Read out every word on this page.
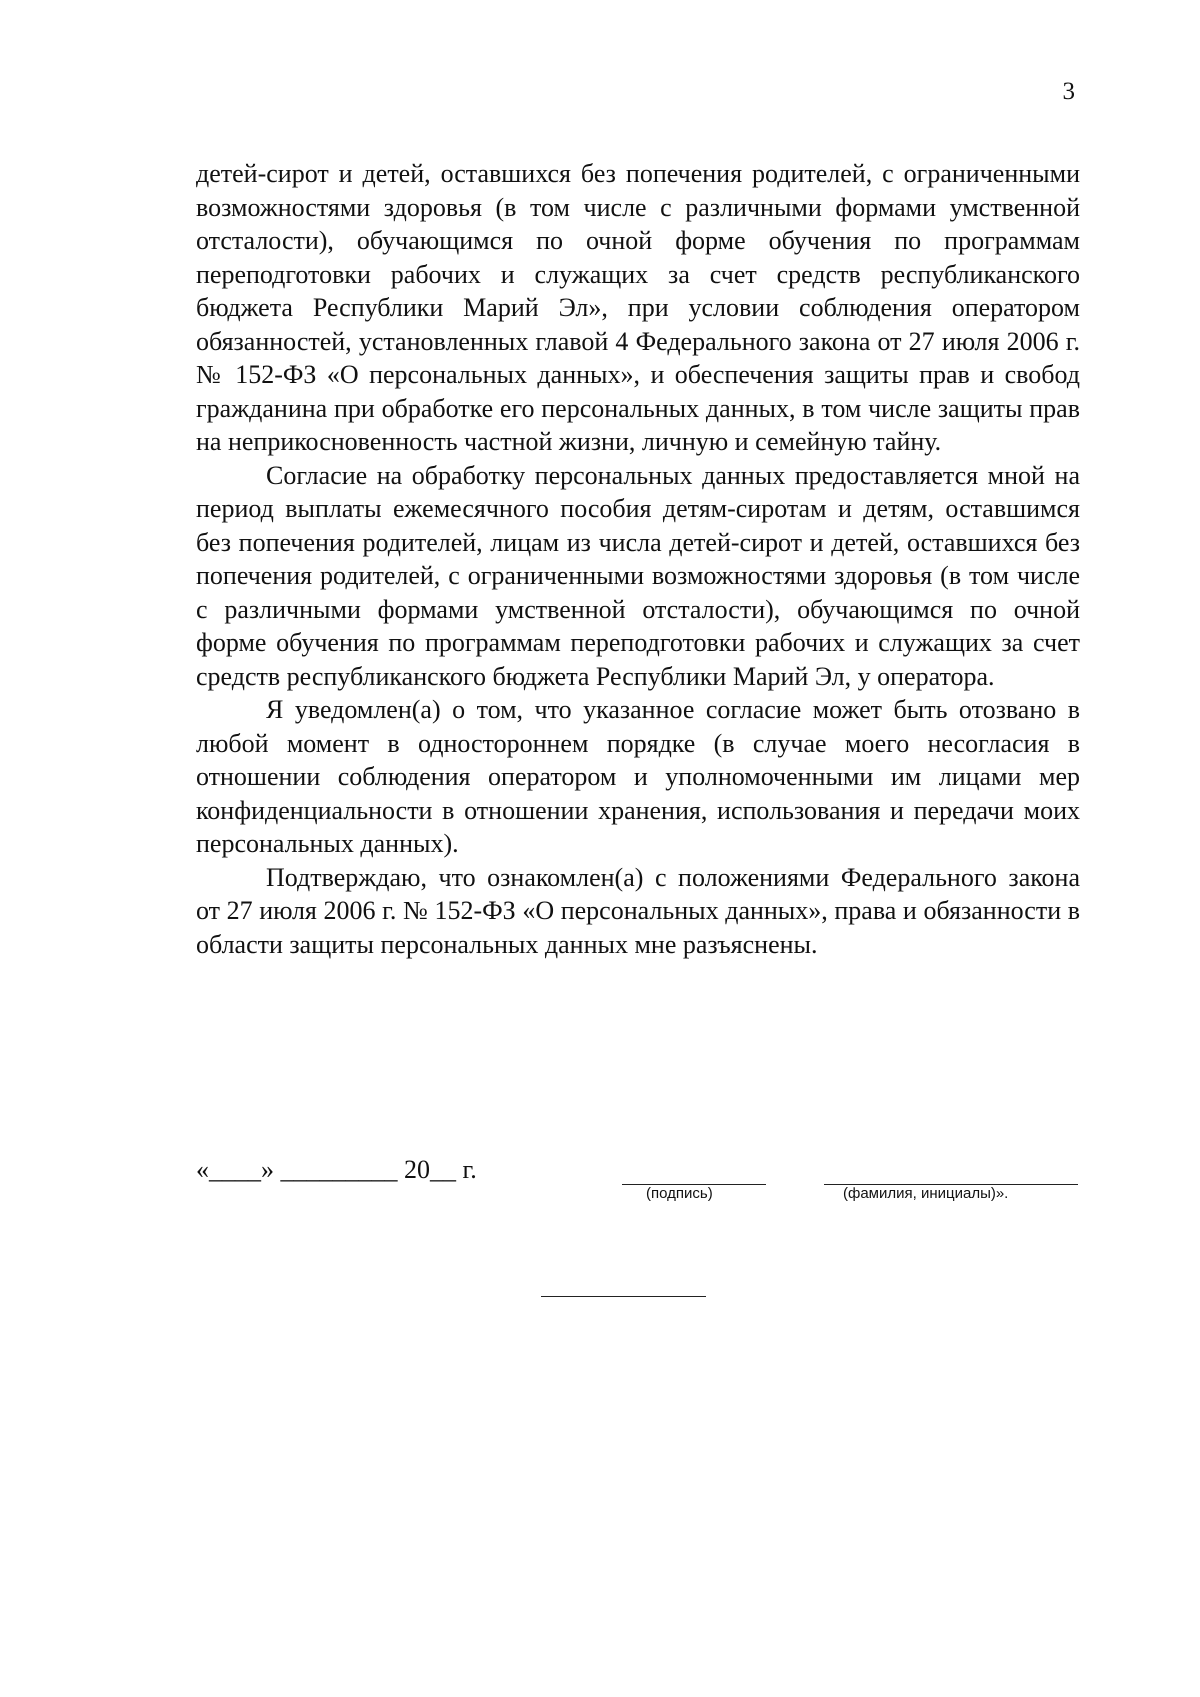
3

детей-сирот и детей, оставшихся без попечения родителей, с ограниченными возможностями здоровья (в том числе с различными формами умственной отсталости), обучающимся по очной форме обучения по программам переподготовки рабочих и служащих за счет средств республиканского бюджета Республики Марий Эл», при условии соблюдения оператором обязанностей, установленных главой 4 Федерального закона от 27 июля 2006 г. № 152-ФЗ «О персональных данных», и обеспечения защиты прав и свобод гражданина при обработке его персональных данных, в том числе защиты прав на неприкосновенность частной жизни, личную и семейную тайну.

Согласие на обработку персональных данных предоставляется мной на период выплаты ежемесячного пособия детям-сиротам и детям, оставшимся без попечения родителей, лицам из числа детей-сирот и детей, оставшихся без попечения родителей, с ограниченными возможностями здоровья (в том числе с различными формами умственной отсталости), обучающимся по очной форме обучения по программам переподготовки рабочих и служащих за счет средств республиканского бюджета Республики Марий Эл, у оператора.

Я уведомлен(а) о том, что указанное согласие может быть отозвано в любой момент в одностороннем порядке (в случае моего несогласия в отношении соблюдения оператором и уполномоченными им лицами мер конфиденциальности в отношении хранения, использования и передачи моих персональных данных).

Подтверждаю, что ознакомлен(а) с положениями Федерального закона от 27 июля 2006 г. № 152-ФЗ «О персональных данных», права и обязанности в области защиты персональных данных мне разъяснены.

«____» _________ 20__ г.
(подпись)	(фамилия, инициалы)».
